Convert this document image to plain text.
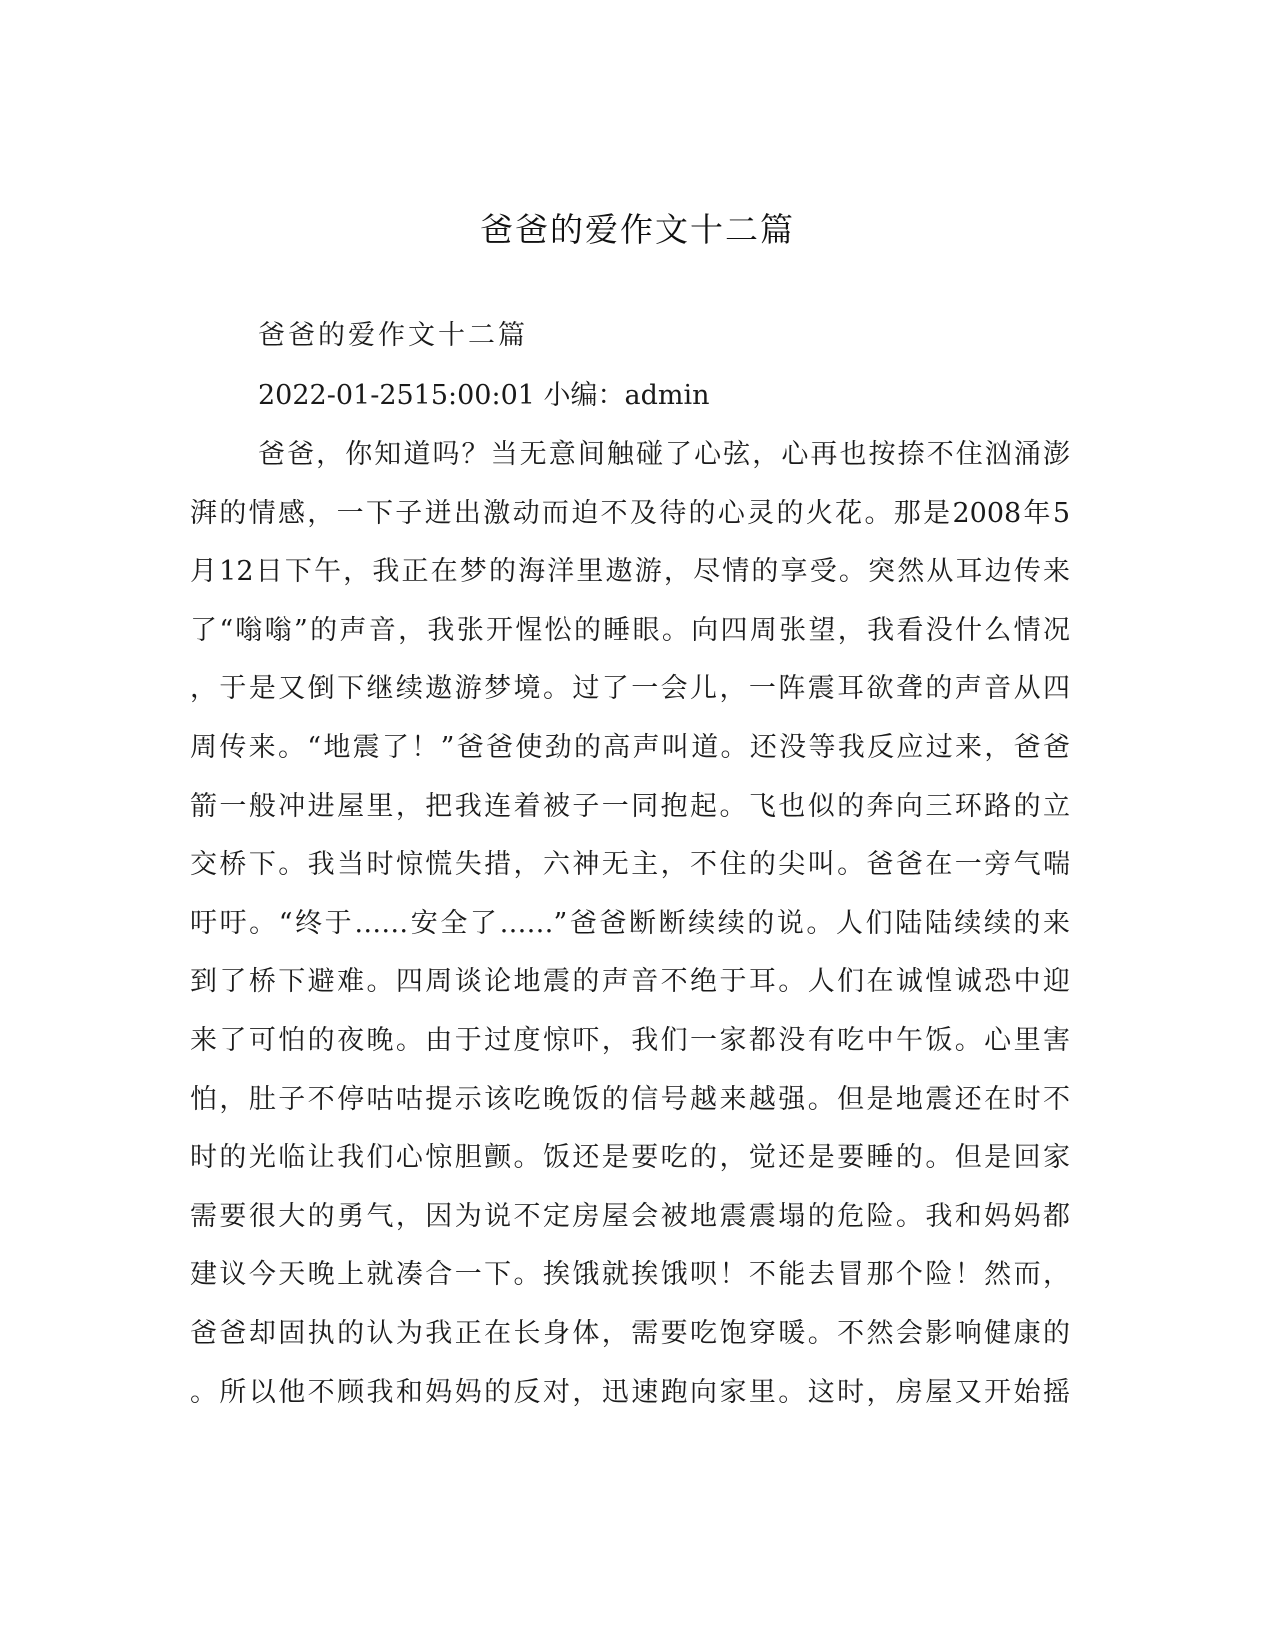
爸爸的爱作文十二篇
爸爸的爱作文十二篇
2022-01-2515:00:01 小编：admin
爸爸，你知道吗？当无意间触碰了心弦，心再也按捺不住汹涌澎
湃的情感，一下子迸出激动而迫不及待的心灵的火花。那是2008年5
月12日下午，我正在梦的海洋里遨游，尽情的享受。突然从耳边传来
了“嗡嗡”的声音，我张开惺忪的睡眼。向四周张望，我看没什么情况
，于是又倒下继续遨游梦境。过了一会儿，一阵震耳欲聋的声音从四
周传来。“地震了！”爸爸使劲的高声叫道。还没等我反应过来，爸爸
箭一般冲进屋里，把我连着被子一同抱起。飞也似的奔向三环路的立
交桥下。我当时惊慌失措，六神无主，不住的尖叫。爸爸在一旁气喘
吁吁。“终于……安全了……”爸爸断断续续的说。人们陆陆续续的来
到了桥下避难。四周谈论地震的声音不绝于耳。人们在诚惶诚恐中迎
来了可怕的夜晚。由于过度惊吓，我们一家都没有吃中午饭。心里害
怕，肚子不停咕咕提示该吃晚饭的信号越来越强。但是地震还在时不
时的光临让我们心惊胆颤。饭还是要吃的，觉还是要睡的。但是回家
需要很大的勇气，因为说不定房屋会被地震震塌的危险。我和妈妈都
建议今天晚上就凑合一下。挨饿就挨饿呗！不能去冒那个险！然而，
爸爸却固执的认为我正在长身体，需要吃饱穿暖。不然会影响健康的
。所以他不顾我和妈妈的反对，迅速跑向家里。这时，房屋又开始摇
